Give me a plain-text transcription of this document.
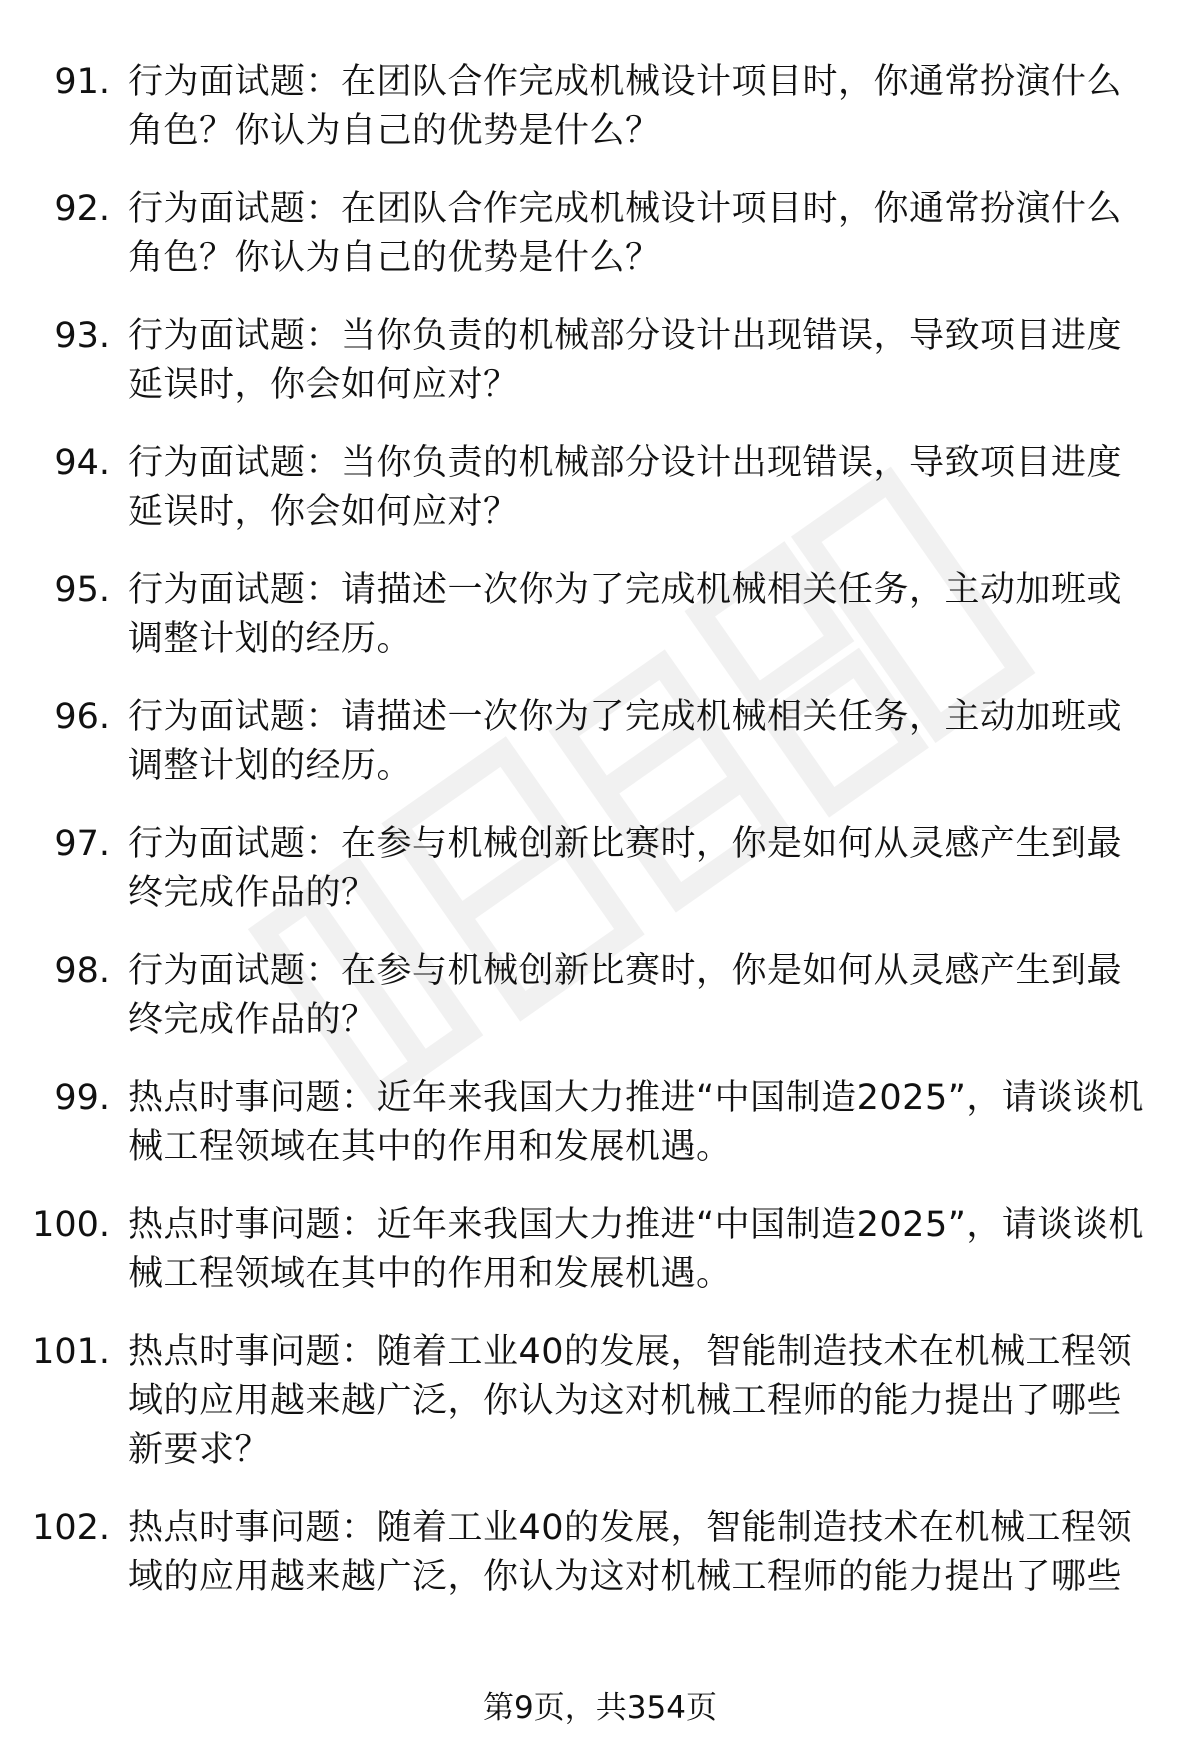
91. 行为面试题：在团队合作完成机械设计项目时，你通常扮演什么角色？你认为自己的优势是什么？
92. 行为面试题：在团队合作完成机械设计项目时，你通常扮演什么角色？你认为自己的优势是什么？
93. 行为面试题：当你负责的机械部分设计出现错误，导致项目进度延误时，你会如何应对？
94. 行为面试题：当你负责的机械部分设计出现错误，导致项目进度延误时，你会如何应对？
95. 行为面试题：请描述一次你为了完成机械相关任务，主动加班或调整计划的经历。
96. 行为面试题：请描述一次你为了完成机械相关任务，主动加班或调整计划的经历。
97. 行为面试题：在参与机械创新比赛时，你是如何从灵感产生到最终完成作品的？
98. 行为面试题：在参与机械创新比赛时，你是如何从灵感产生到最终完成作品的？
99. 热点时事问题：近年来我国大力推进“中国制造2025”，请谈谈机械工程领域在其中的作用和发展机遇。
100. 热点时事问题：近年来我国大力推进“中国制造2025”，请谈谈机械工程领域在其中的作用和发展机遇。
101. 热点时事问题：随着工业40的发展，智能制造技术在机械工程领域的应用越来越广泛，你认为这对机械工程师的能力提出了哪些新要求？
102. 热点时事问题：随着工业40的发展，智能制造技术在机械工程领域的应用越来越广泛，你认为这对机械工程师的能力提出了哪些
第9页，共354页
